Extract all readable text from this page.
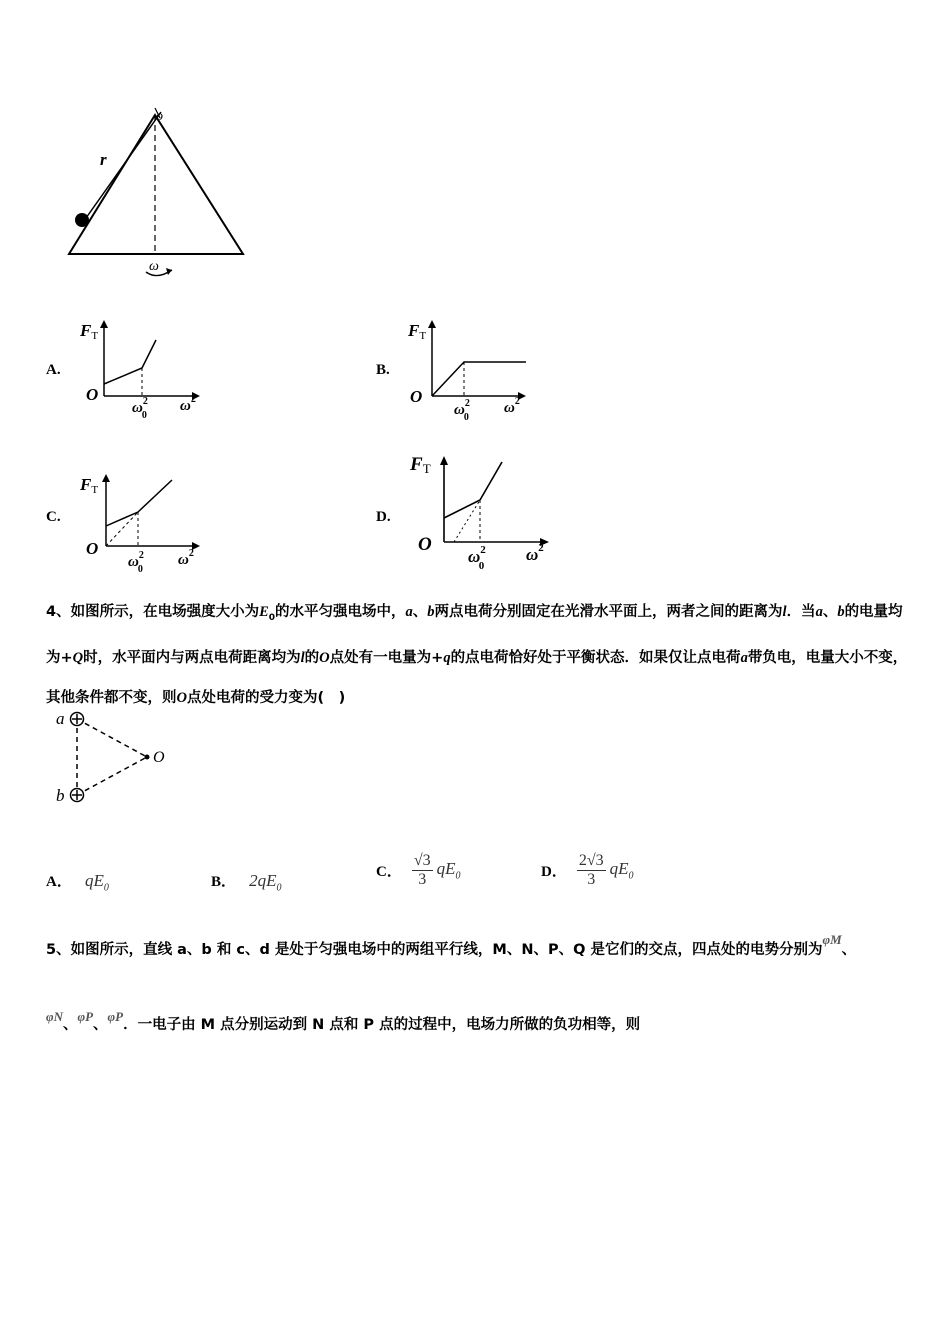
o
r
ω
A.
FT
O
$\omega^2$ 0
$\omega^2$
B.
FT
O
$\omega^2$ 0
$\omega^2$
C.
FT
O
$\omega^2$ 0
$\omega^2$
D.
FT
O
$\omega^2$ 0
$\omega^2$
4、如图所示，在电场强度大小为$E_0$的水平匀强电场中，a、b两点电荷分别固定在光滑水平面上，两者之间的距离为l．当a、b的电量均为+Q时，水平面内与两点电荷距离均为l的O点处有一电量为+q的点电荷恰好处于平衡状态．如果仅让点电荷a带负电，电量大小不变，其他条件都不变，则O点处电荷的受力变为(　)
a
b
O
A． $qE_0$	B． $2qE_0$
C． $\frac{√3}{3} qE_0$	D． $\frac{2√3}{3} qE_0$
5、如图所示，直线 a、b 和 c、d 是处于匀强电场中的两组平行线，M、N、P、Q 是它们的交点，四点处的电势分别为φM、
φN、φP、φP．一电子由 M 点分别运动到 N 点和 P 点的过程中，电场力所做的负功相等，则
